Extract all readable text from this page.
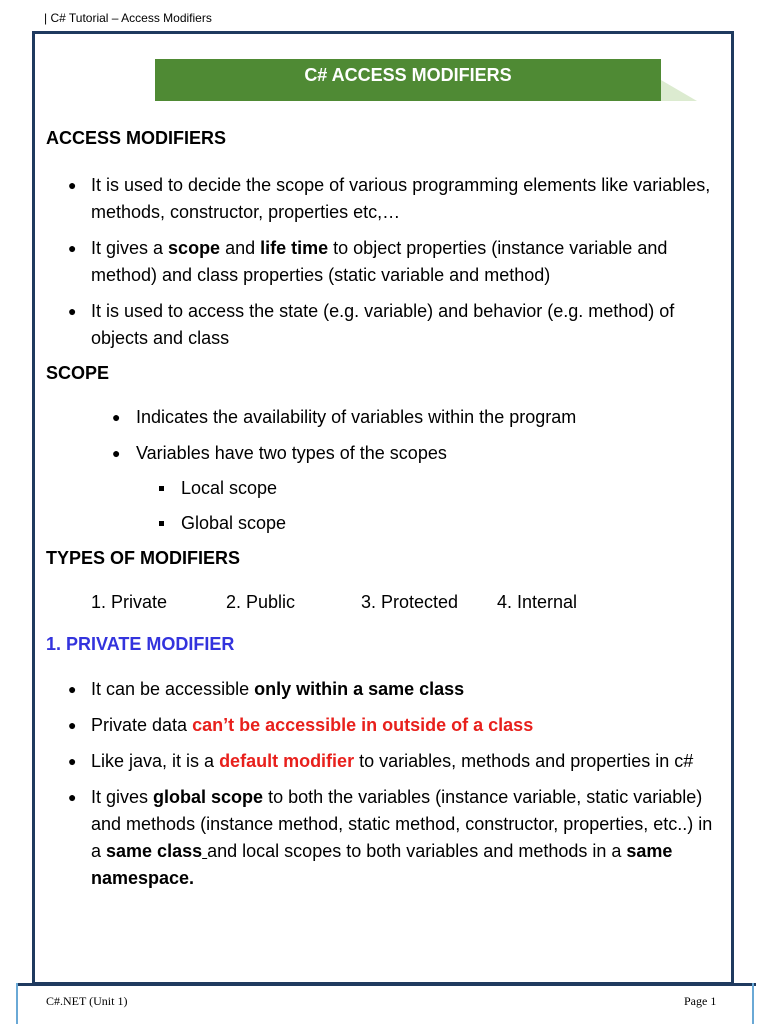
| C# Tutorial – Access Modifiers
C# ACCESS MODIFIERS
ACCESS MODIFIERS
● It is used to decide the scope of various programming elements like variables, methods, constructor, properties etc,…
● It gives a scope and life time to object properties (instance variable and method) and class properties (static variable and method)
● It is used to access the state (e.g. variable) and behavior (e.g. method) of objects and class
SCOPE
● Indicates the availability of variables within the program
● Variables have two types of the scopes
Local scope
Global scope
TYPES OF MODIFIERS
1. Private	2. Public	3. Protected 4. Internal
1. PRIVATE MODIFIER
● It can be accessible only within a same class
● Private data can’t be accessible in outside of a class
● Like java, it is a default modifier to variables, methods and properties in c#
● It gives global scope to both the variables (instance variable, static variable) and methods (instance method, static method, constructor, properties, etc..) in a same class and local scopes to both variables and methods in a same namespace.
C#.NET (Unit 1)	Page 1
